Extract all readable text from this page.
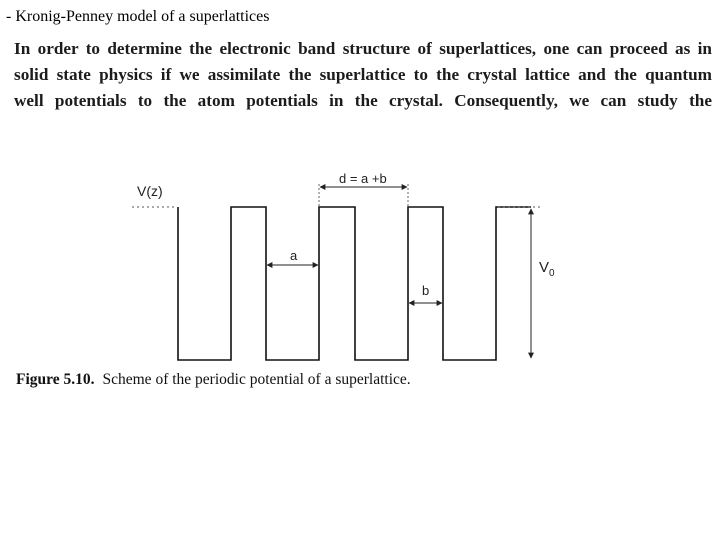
- Kronig-Penney model of a superlattices
In order to determine the electronic band structure of superlattices, one can proceed as in
solid state physics if we assimilate the superlattice to the crystal lattice and the quantum
well potentials to the atom potentials in the crystal. Consequently, we can study the
V(z)
d = a +b
a
b
$V_0$
Figure 5.10. Scheme of the periodic potential of a superlattice.
